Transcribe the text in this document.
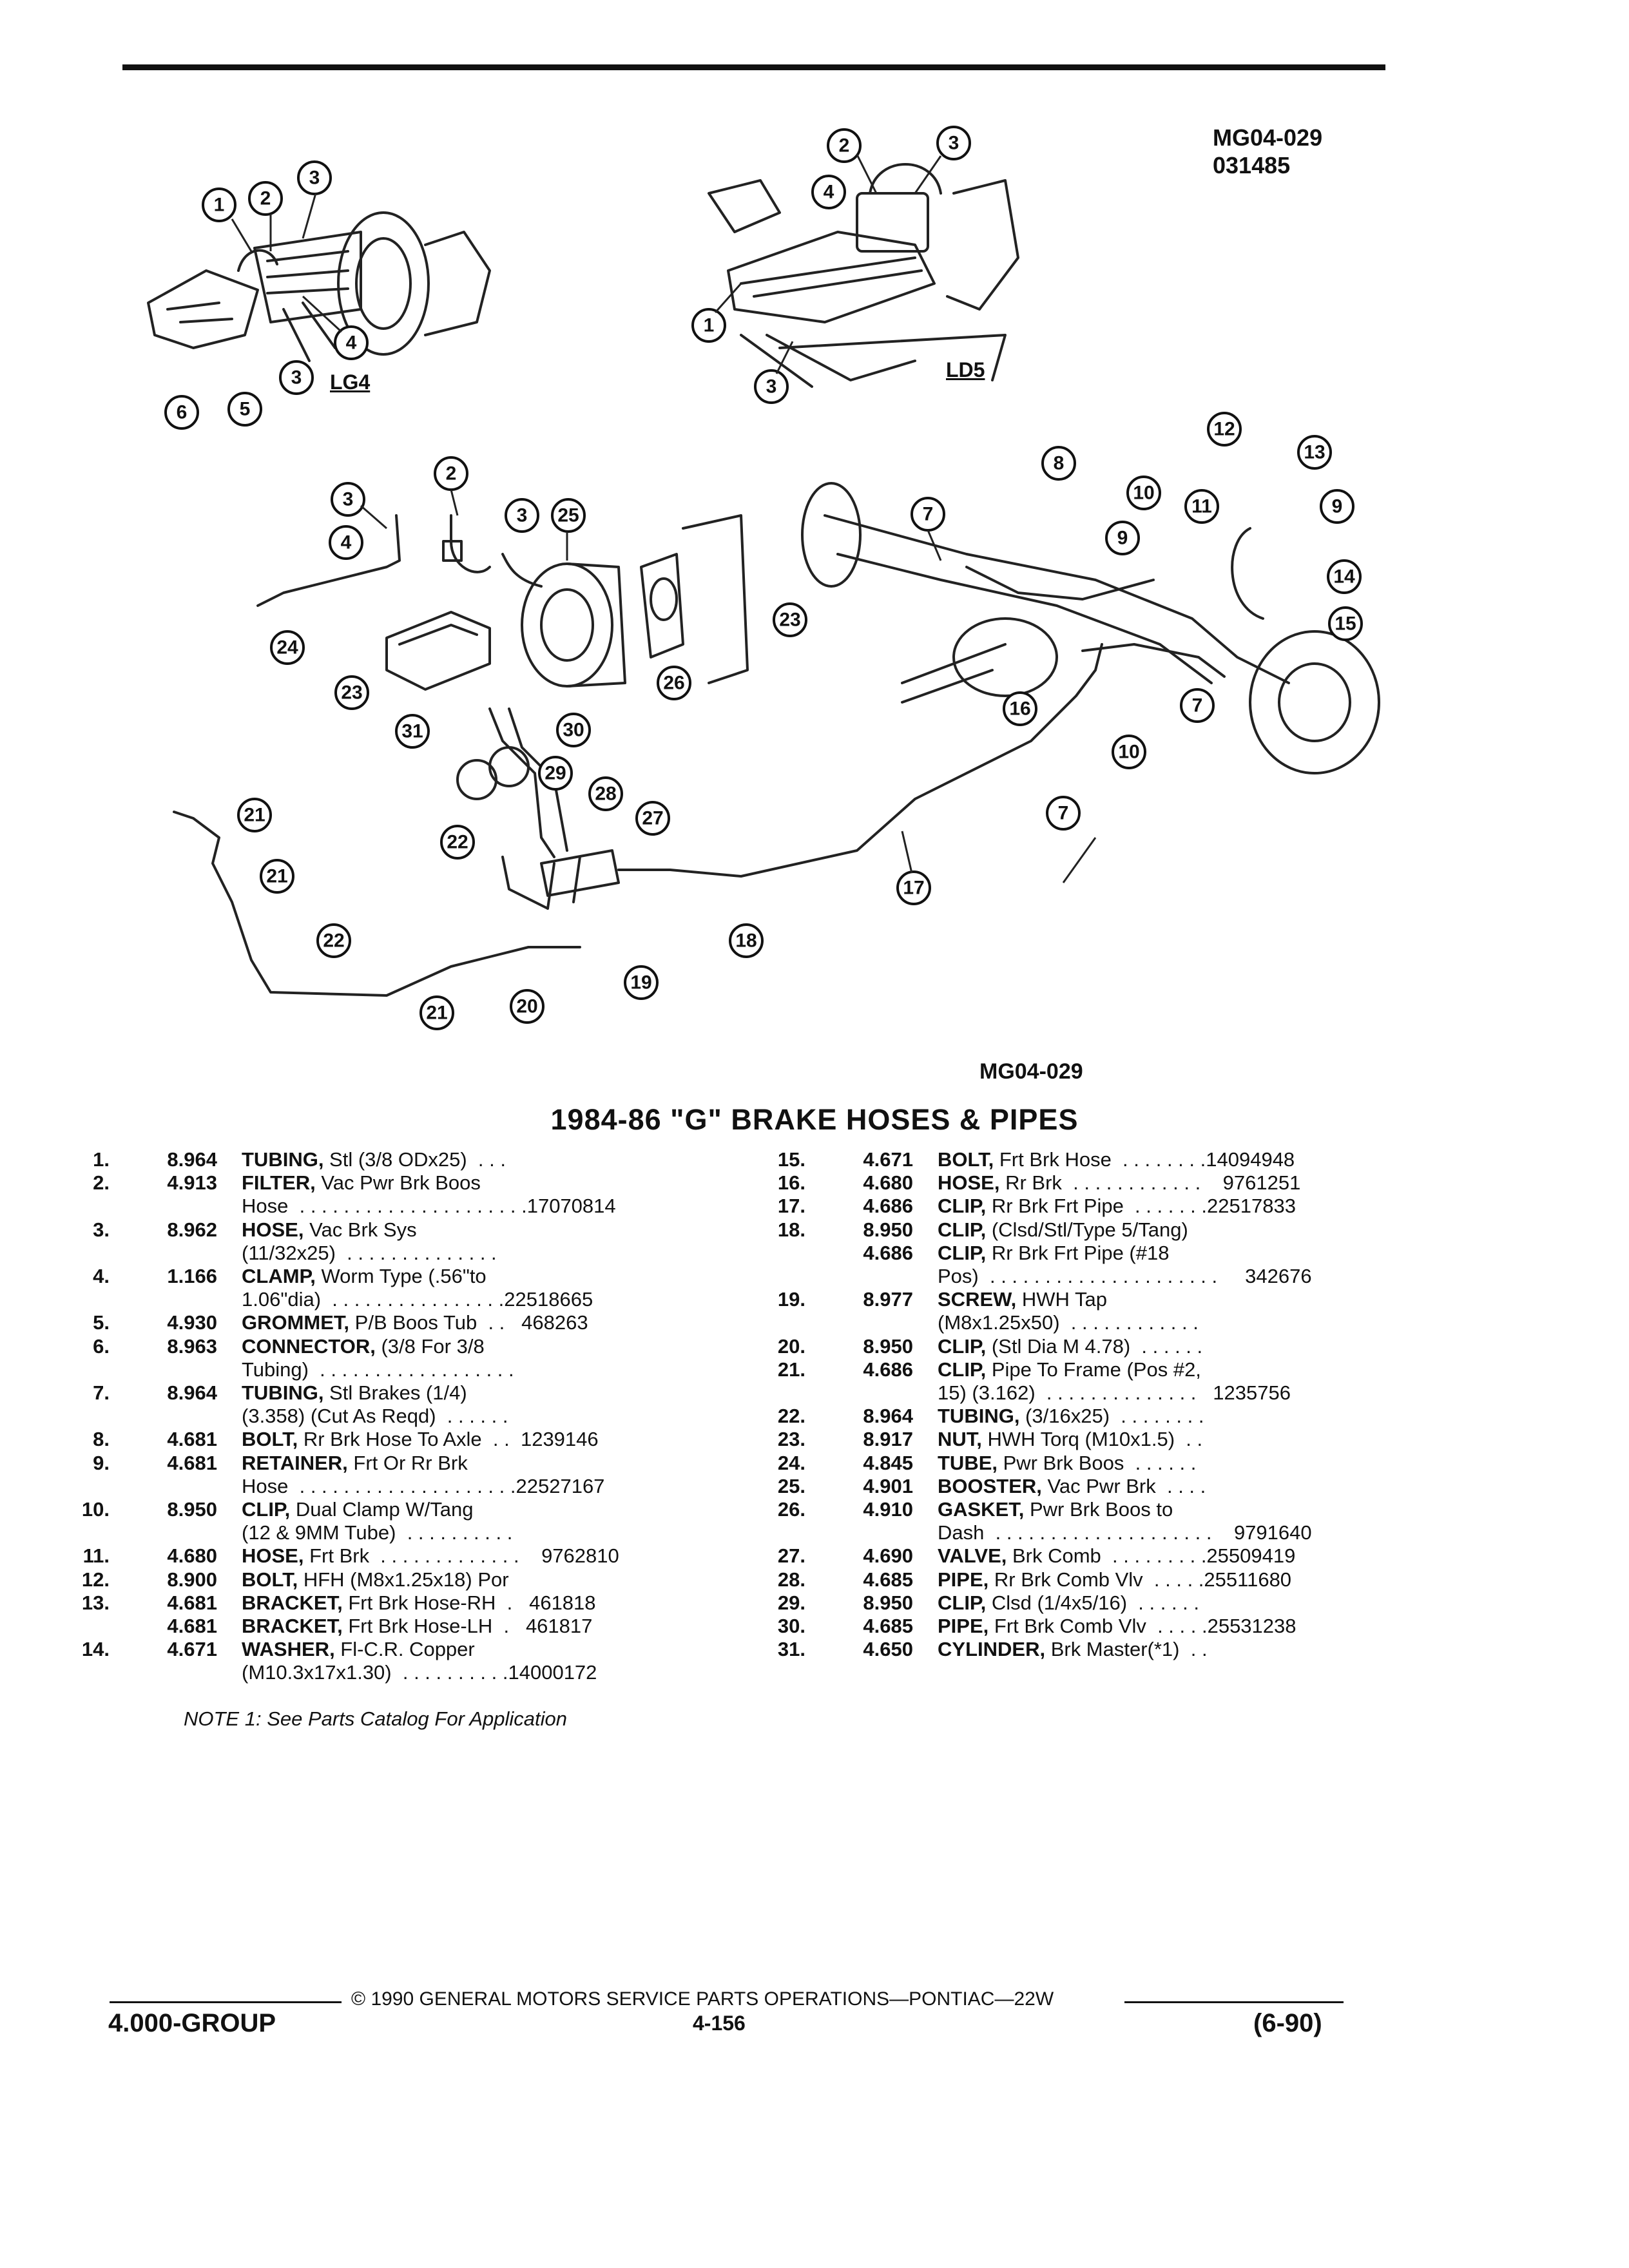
MG04-029
031485
1 2
3
4
3
5
6
2	3
4
1
3
2
3
4
24
3 25
23
26
23
31	30
29
28
27
22
21
21
22
21	20
19
18
17
7
8
10
9
16
12
13
9
11
14
15
7
10
7
LG4
LD5
MG04-029
1984-86 "G" BRAKE HOSES & PIPES
1.	8.964	TUBING, Stl (3/8 ODx25)  . . .
2.	4.913	FILTER, Vac Pwr Brk Boos
Hose  . . . . . . . . . . . . . . . . . . . . .17070814
3.	8.962	HOSE, Vac Brk Sys
(11/32x25)  . . . . . . . . . . . . . .
4.	1.166	CLAMP, Worm Type (.56"to
1.06"dia)  . . . . . . . . . . . . . . . .22518665
5.	4.930	GROMMET, P/B Boos Tub  . .   468263
6.	8.963	CONNECTOR, (3/8 For 3/8
Tubing)  . . . . . . . . . . . . . . . . . .
7.	8.964	TUBING, Stl Brakes (1/4)
(3.358) (Cut As Reqd)  . . . . . .
8.	4.681	BOLT, Rr Brk Hose To Axle  . .  1239146
9.	4.681	RETAINER, Frt Or Rr Brk
Hose  . . . . . . . . . . . . . . . . . . . .22527167
10.	8.950	CLIP, Dual Clamp W/Tang
(12 & 9MM Tube)  . . . . . . . . . .
11.	4.680	HOSE, Frt Brk  . . . . . . . . . . . . .    9762810
12.	8.900	BOLT, HFH (M8x1.25x18) Por
13.	4.681	BRACKET, Frt Brk Hose-RH  .   461818
4.681	BRACKET, Frt Brk Hose-LH  .   461817
14.	4.671	WASHER, Fl-C.R. Copper
(M10.3x17x1.30)  . . . . . . . . . .14000172
15.	4.671	BOLT, Frt Brk Hose  . . . . . . . .14094948
16.	4.680	HOSE, Rr Brk  . . . . . . . . . . . .    9761251
17.	4.686	CLIP, Rr Brk Frt Pipe  . . . . . . .22517833
18.	8.950	CLIP, (Clsd/Stl/Type 5/Tang)
4.686	CLIP, Rr Brk Frt Pipe (#18
Pos)  . . . . . . . . . . . . . . . . . . . . .     342676
19.	8.977	SCREW, HWH Tap
(M8x1.25x50)  . . . . . . . . . . . .
20.	8.950	CLIP, (Stl Dia M 4.78)  . . . . . .
21.	4.686	CLIP, Pipe To Frame (Pos #2,
15) (3.162)  . . . . . . . . . . . . . .   1235756
22.	8.964	TUBING, (3/16x25)  . . . . . . . .
23.	8.917	NUT, HWH Torq (M10x1.5)  . .
24.	4.845	TUBE, Pwr Brk Boos  . . . . . .
25.	4.901	BOOSTER, Vac Pwr Brk  . . . .
26.	4.910	GASKET, Pwr Brk Boos to
Dash  . . . . . . . . . . . . . . . . . . . .    9791640
27.	4.690	VALVE, Brk Comb  . . . . . . . . .25509419
28.	4.685	PIPE, Rr Brk Comb Vlv  . . . . .25511680
29.	8.950	CLIP, Clsd (1/4x5/16)  . . . . . .
30.	4.685	PIPE, Frt Brk Comb Vlv  . . . . .25531238
31.	4.650	CYLINDER, Brk Master(*1)  . .
NOTE 1: See Parts Catalog For Application
© 1990 GENERAL MOTORS SERVICE PARTS OPERATIONS—PONTIAC—22W
4.000-GROUP	4-156	(6-90)
